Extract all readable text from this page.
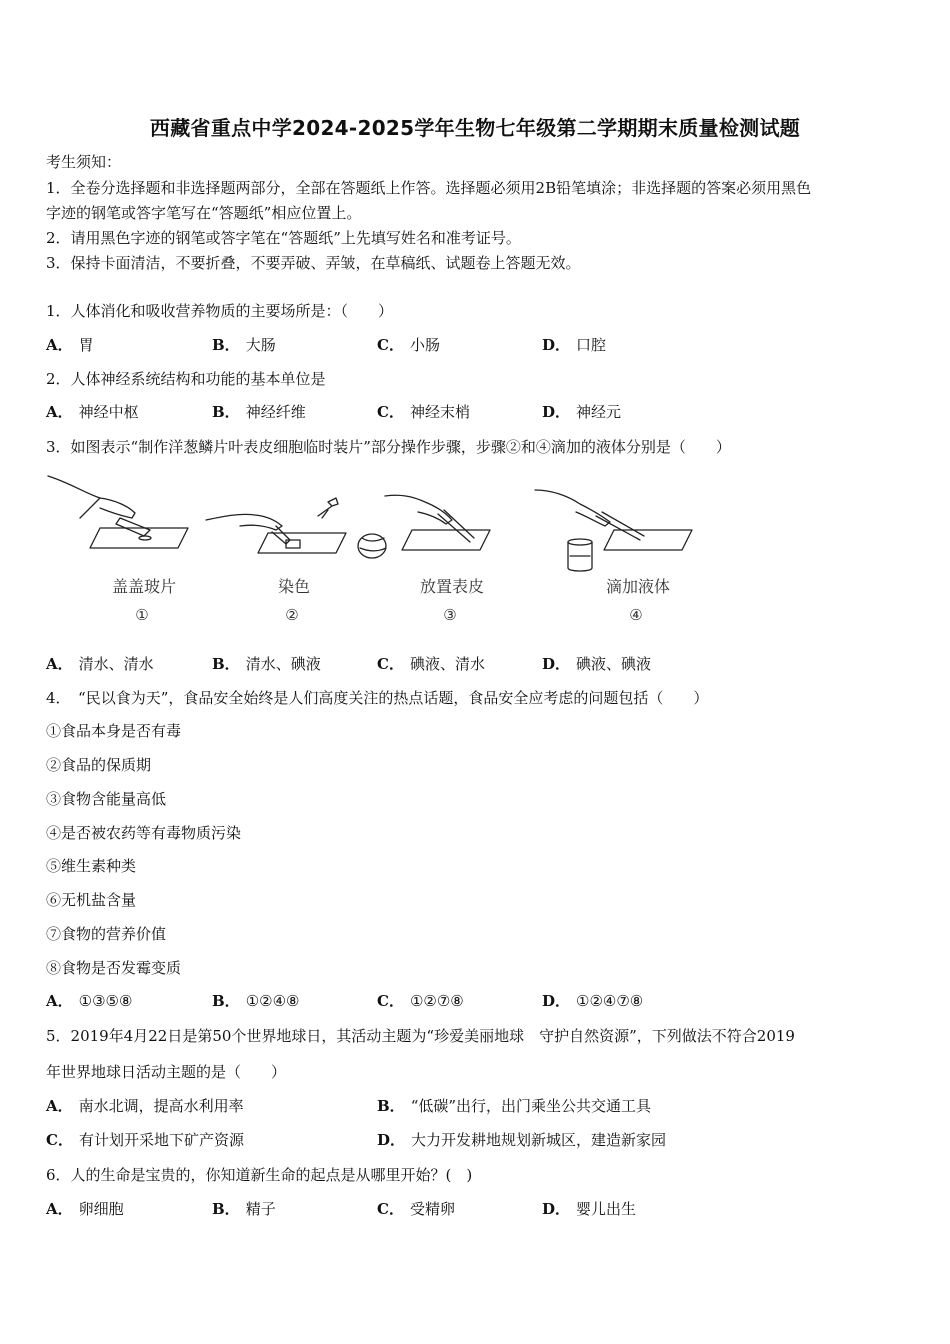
西藏省重点中学2024-2025学年生物七年级第二学期期末质量检测试题
考生须知：
1．全卷分选择题和非选择题两部分，全部在答题纸上作答。选择题必须用2B铅笔填涂；非选择题的答案必须用黑色
字迹的钢笔或答字笔写在“答题纸”相应位置上。
2．请用黑色字迹的钢笔或答字笔在“答题纸”上先填写姓名和准考证号。
3．保持卡面清洁，不要折叠，不要弄破、弄皱，在草稿纸、试题卷上答题无效。
1．人体消化和吸收营养物质的主要场所是：（　　）
A． 胃	B． 大肠	C． 小肠	D． 口腔
2．人体神经系统结构和功能的基本单位是
A． 神经中枢	B． 神经纤维	C． 神经末梢	D． 神经元
3．如图表示“制作洋葱鳞片叶表皮细胞临时装片”部分操作步骤，步骤②和④滴加的液体分别是（　　）
盖盖玻片
①
染色
②
放置表皮
③
滴加液体
④
A． 清水、清水	B． 清水、碘液	C． 碘液、清水	D． 碘液、碘液
4．　“民以食为天”，食品安全始终是人们高度关注的热点话题，食品安全应考虑的问题包括（　　）
①食品本身是否有毒
②食品的保质期
③食物含能量高低
④是否被农药等有毒物质污染
⑤维生素种类
⑥无机盐含量
⑦食物的营养价值
⑧食物是否发霉变质
A． ①③⑤⑧	B． ①②④⑧	C． ①②⑦⑧	D． ①②④⑦⑧
5．2019年4月22日是第50个世界地球日，其活动主题为“珍爱美丽地球　守护自然资源”，下列做法不符合2019
年世界地球日活动主题的是（　　）
A． 南水北调，提高水利用率	B． “低碳”出行，出门乘坐公共交通工具
C． 有计划开采地下矿产资源	D． 大力开发耕地规划新城区，建造新家园
6．人的生命是宝贵的，你知道新生命的起点是从哪里开始？(　)
A． 卵细胞	B． 精子	C． 受精卵	D． 婴儿出生
